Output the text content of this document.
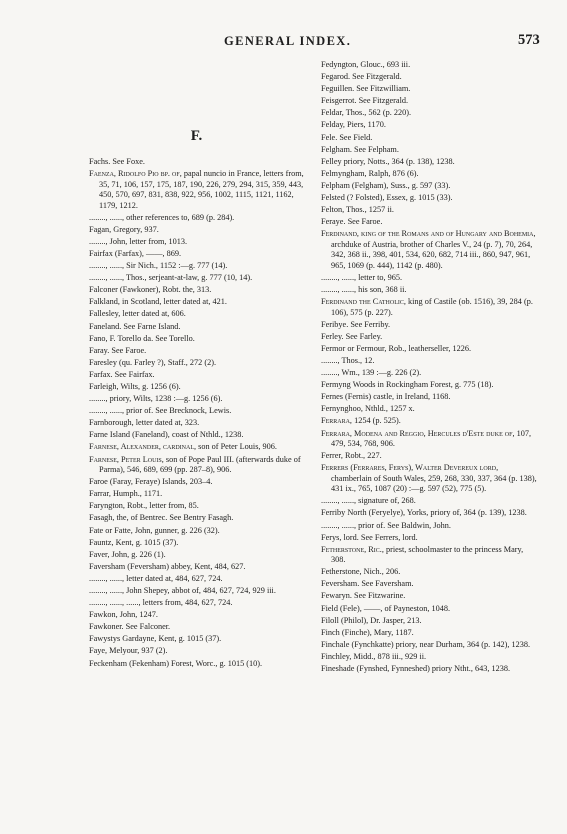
GENERAL INDEX.	573
F.
Fachs. See Foxe.
Faenza, Ridolfo Pio bp. of, papal nuncio in France, letters from, 35, 71, 106, 157, 175, 187, 190, 226, 279, 294, 315, 359, 443, 450, 570, 697, 831, 838, 922, 956, 1002, 1115, 1121, 1162, 1179, 1212.
........, ......, other references to, 689 (p. 284).
Fagan, Gregory, 937.
........, John, letter from, 1013.
Fairfax (Farfax), ——, 869.
........, ......, Sir Nich., 1152 :—g. 777 (14).
........, ......, Thos., serjeant-at-law, g. 777 (10, 14).
Falconer (Fawkoner), Robt. the, 313.
Falkland, in Scotland, letter dated at, 421.
Fallesley, letter dated at, 606.
Faneland. See Farne Island.
Fano, F. Torello da. See Torello.
Faray. See Faroe.
Faresley (qu. Farley ?), Staff., 272 (2).
Farfax. See Fairfax.
Farleigh, Wilts, g. 1256 (6).
........, priory, Wilts, 1238 :—g. 1256 (6).
........, ......, prior of. See Brecknock, Lewis.
Farnborough, letter dated at, 323.
Farne Island (Faneland), coast of Nthld., 1238.
Farnese, Alexander, cardinal, son of Peter Louis, 906.
Farnese, Peter Louis, son of Pope Paul III. (afterwards duke of Parma), 546, 689, 699 (pp. 287–8), 906.
Faroe (Faray, Feraye) Islands, 203–4.
Farrar, Humph., 1171.
Faryngton, Robt., letter from, 85.
Fasagh, the, of Bentrec. See Bentry Fasagh.
Fate or Fatte, John, gunner, g. 226 (32).
Fauntz, Kent, g. 1015 (37).
Faver, John, g. 226 (1).
Faversham (Feversham) abbey, Kent, 484, 627.
........, ......, letter dated at, 484, 627, 724.
........, ......, John Shepey, abbot of, 484, 627, 724, 929 iii.
........, ......, ......, letters from, 484, 627, 724.
Fawkon, John, 1247.
Fawkoner. See Falconer.
Fawystys Gardayne, Kent, g. 1015 (37).
Faye, Melyour, 937 (2).
Feckenham (Fekenham) Forest, Worc., g. 1015 (10).
Fedyngton, Glouc., 693 iii.
Fegarod. See Fitzgerald.
Feguillen. See Fitzwilliam.
Feisgerrot. See Fitzgerald.
Feldar, Thos., 562 (p. 220).
Felday, Piers, 1170.
Fele. See Field.
Felgham. See Felpham.
Felley priory, Notts., 364 (p. 138), 1238.
Felmyngham, Ralph, 876 (6).
Felpham (Felgham), Suss., g. 597 (33).
Felsted (? Folsted), Essex, g. 1015 (33).
Felton, Thos., 1257 ii.
Feraye. See Faroe.
Ferdinand, king of the Romans and of Hungary and Bohemia, archduke of Austria, brother of Charles V., 24 (p. 7), 70, 264, 342, 368 ii., 398, 401, 534, 620, 682, 714 iii., 860, 947, 961, 965, 1069 (p. 444), 1142 (p. 480).
........, ......, letter to, 965.
........, ......, his son, 368 ii.
Ferdinand the Catholic, king of Castile (ob. 1516), 39, 284 (p. 106), 575 (p. 227).
Feribye. See Ferriby.
Ferley. See Farley.
Fermor or Fermour, Rob., leatherseller, 1226.
........, Thos., 12.
........, Wm., 139 :—g. 226 (2).
Fermyng Woods in Rockingham Forest, g. 775 (18).
Fernes (Fernis) castle, in Ireland, 1168.
Fernynghoo, Nthld., 1257 x.
Ferrara, 1254 (p. 525).
Ferrara, Modena and Reggio, Hercules d'Este duke of, 107, 479, 534, 768, 906.
Ferrer, Robt., 227.
Ferrers (Ferrares, Ferys), Walter Devereux lord, chamberlain of South Wales, 259, 268, 330, 337, 364 (p. 138), 431 ix., 765, 1087 (20) :—g. 597 (52), 775 (5).
........, ......, signature of, 268.
Ferriby North (Feryelye), Yorks, priory of, 364 (p. 139), 1238.
........, ......, prior of. See Baldwin, John.
Ferys, lord. See Ferrers, lord.
Fetherstone, Ric., priest, schoolmaster to the princess Mary, 308.
Fetherstone, Nich., 206.
Feversham. See Faversham.
Fewaryn. See Fitzwarine.
Field (Fele), ——, of Payneston, 1048.
Filoll (Philol), Dr. Jasper, 213.
Finch (Finche), Mary, 1187.
Finchale (Fynchkatte) priory, near Durham, 364 (p. 142), 1238.
Finchley, Midd., 878 iii., 929 ii.
Fineshade (Fynshed, Fynneshed) priory Ntht., 643, 1238.
